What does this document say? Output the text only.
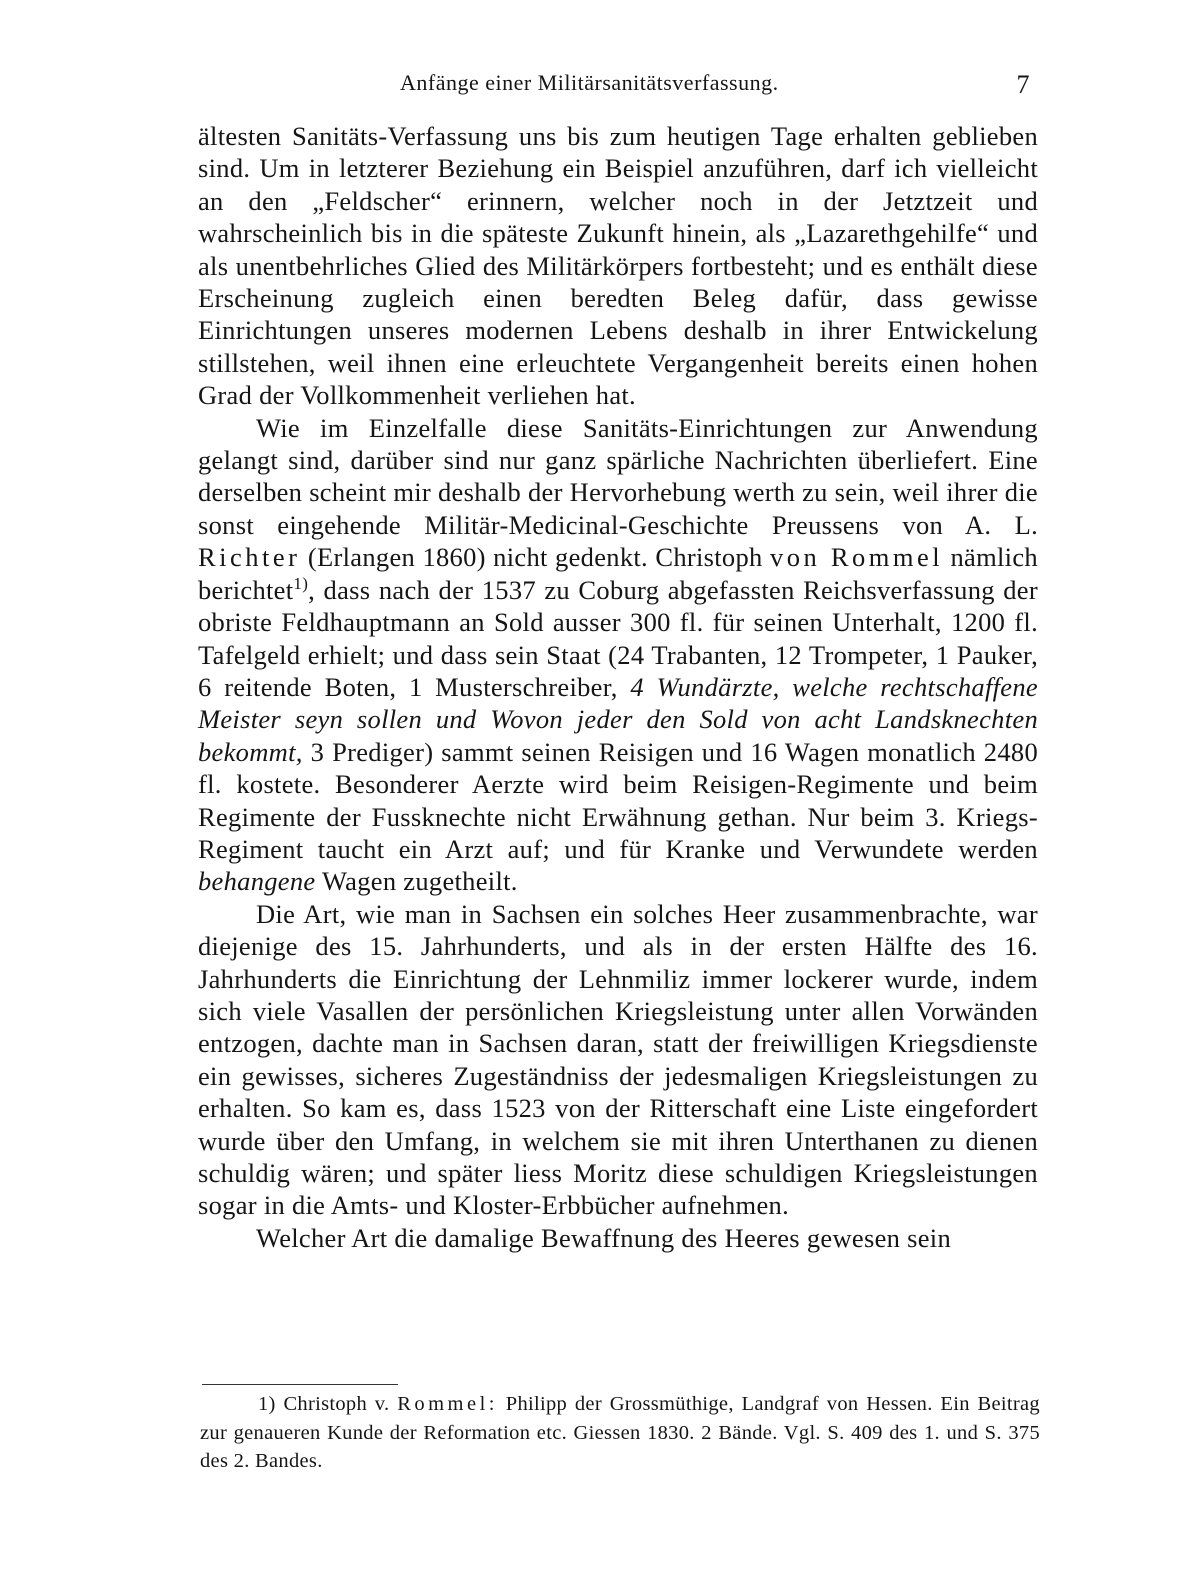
Anfänge einer Militärsanitätsverfassung.	7

ältesten Sanitäts-Verfassung uns bis zum heutigen Tage erhalten geblieben sind. Um in letzterer Beziehung ein Beispiel anzuführen, darf ich vielleicht an den „Feldscher“ erinnern, welcher noch in der Jetztzeit und wahrscheinlich bis in die späteste Zukunft hinein, als „Lazarethgehilfe“ und als unentbehrliches Glied des Militärkörpers fortbesteht; und es enthält diese Erscheinung zugleich einen beredten Beleg dafür, dass gewisse Einrichtungen unseres modernen Lebens deshalb in ihrer Entwickelung stillstehen, weil ihnen eine erleuchtete Vergangenheit bereits einen hohen Grad der Vollkommenheit verliehen hat.

Wie im Einzelfalle diese Sanitäts-Einrichtungen zur Anwendung gelangt sind, darüber sind nur ganz spärliche Nachrichten überliefert. Eine derselben scheint mir deshalb der Hervorhebung werth zu sein, weil ihrer die sonst eingehende Militär-Medicinal-Geschichte Preussens von A. L. Richter (Erlangen 1860) nicht gedenkt. Christoph von Rommel nämlich berichtet$^{1)}$, dass nach der 1537 zu Coburg abgefassten Reichsverfassung der obriste Feldhauptmann an Sold ausser 300 fl. für seinen Unterhalt, 1200 fl. Tafelgeld erhielt; und dass sein Staat (24 Trabanten, 12 Trompeter, 1 Pauker, 6 reitende Boten, 1 Musterschreiber, 4 Wundärzte, welche rechtschaffene Meister seyn sollen und Wovon jeder den Sold von acht Landsknechten bekommt, 3 Prediger) sammt seinen Reisigen und 16 Wagen monatlich 2480 fl. kostete. Besonderer Aerzte wird beim Reisigen-Regimente und beim Regimente der Fussknechte nicht Erwähnung gethan. Nur beim 3. Kriegs-Regiment taucht ein Arzt auf; und für Kranke und Verwundete werden behangene Wagen zugetheilt.

Die Art, wie man in Sachsen ein solches Heer zusammenbrachte, war diejenige des 15. Jahrhunderts, und als in der ersten Hälfte des 16. Jahrhunderts die Einrichtung der Lehnmiliz immer lockerer wurde, indem sich viele Vasallen der persönlichen Kriegsleistung unter allen Vorwänden entzogen, dachte man in Sachsen daran, statt der freiwilligen Kriegsdienste ein gewisses, sicheres Zugeständniss der jedesmaligen Kriegsleistungen zu erhalten. So kam es, dass 1523 von der Ritterschaft eine Liste eingefordert wurde über den Umfang, in welchem sie mit ihren Unterthanen zu dienen schuldig wären; und später liess Moritz diese schuldigen Kriegsleistungen sogar in die Amts- und Kloster-Erbbücher aufnehmen.

Welcher Art die damalige Bewaffnung des Heeres gewesen sein

1) Christoph v. Rommel: Philipp der Grossmüthige, Landgraf von Hessen. Ein Beitrag zur genaueren Kunde der Reformation etc. Giessen 1830. 2 Bände. Vgl. S. 409 des 1. und S. 375 des 2. Bandes.
